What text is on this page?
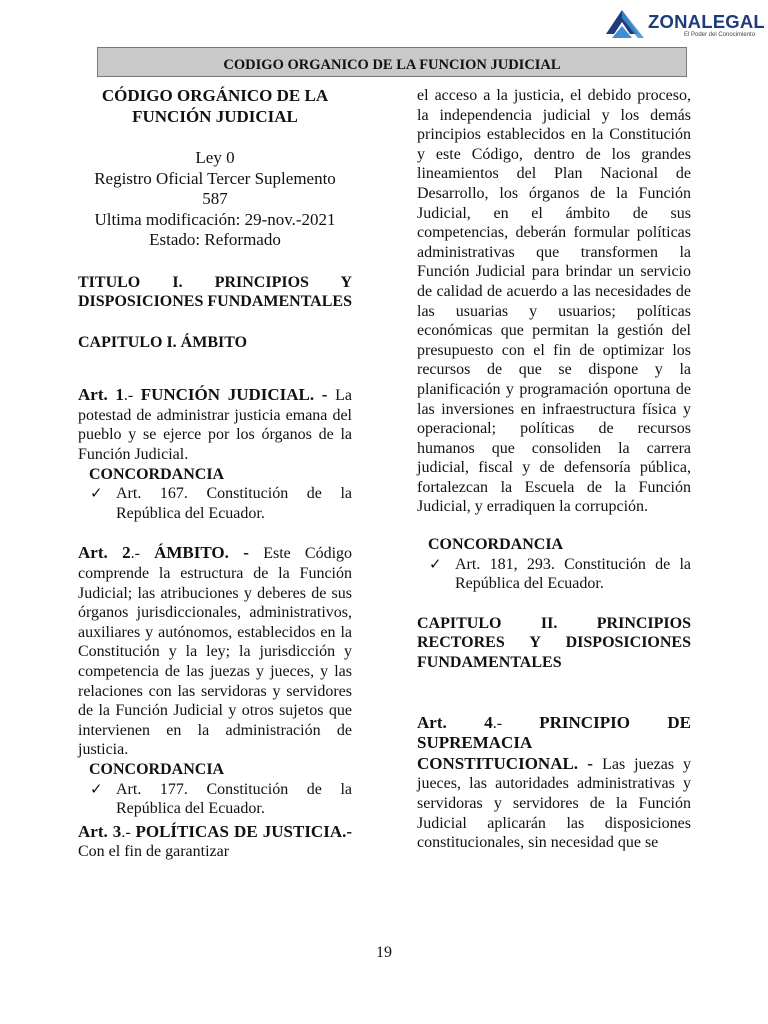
ZONALEGAL
El Poder del Conocimiento
CODIGO ORGANICO DE LA FUNCION JUDICIAL
CÓDIGO ORGÁNICO DE LA FUNCIÓN JUDICIAL
Ley 0
Registro Oficial Tercer Suplemento 587
Ultima modificación: 29-nov.-2021
Estado: Reformado
TITULO I. PRINCIPIOS Y DISPOSICIONES FUNDAMENTALES
CAPITULO I. ÁMBITO
Art. 1.- FUNCIÓN JUDICIAL. - La potestad de administrar justicia emana del pueblo y se ejerce por los órganos de la Función Judicial.
CONCORDANCIA
✓ Art. 167. Constitución de la República del Ecuador.
Art. 2.- ÁMBITO. - Este Código comprende la estructura de la Función Judicial; las atribuciones y deberes de sus órganos jurisdiccionales, administrativos, auxiliares y autónomos, establecidos en la Constitución y la ley; la jurisdicción y competencia de las juezas y jueces, y las relaciones con las servidoras y servidores de la Función Judicial y otros sujetos que intervienen en la administración de justicia.
CONCORDANCIA
✓ Art. 177. Constitución de la República del Ecuador.
Art. 3.- POLÍTICAS DE JUSTICIA.- Con el fin de garantizar
el acceso a la justicia, el debido proceso, la independencia judicial y los demás principios establecidos en la Constitución y este Código, dentro de los grandes lineamientos del Plan Nacional de Desarrollo, los órganos de la Función Judicial, en el ámbito de sus competencias, deberán formular políticas administrativas que transformen la Función Judicial para brindar un servicio de calidad de acuerdo a las necesidades de las usuarias y usuarios; políticas económicas que permitan la gestión del presupuesto con el fin de optimizar los recursos de que se dispone y la planificación y programación oportuna de las inversiones en infraestructura física y operacional; políticas de recursos humanos que consoliden la carrera judicial, fiscal y de defensoría pública, fortalezcan la Escuela de la Función Judicial, y erradiquen la corrupción.
CONCORDANCIA
✓ Art. 181, 293. Constitución de la República del Ecuador.
CAPITULO II. PRINCIPIOS RECTORES Y DISPOSICIONES FUNDAMENTALES
Art. 4.- PRINCIPIO DE SUPREMACIA CONSTITUCIONAL. - Las juezas y jueces, las autoridades administrativas y servidoras y servidores de la Función Judicial aplicarán las disposiciones constitucionales, sin necesidad que se
19
